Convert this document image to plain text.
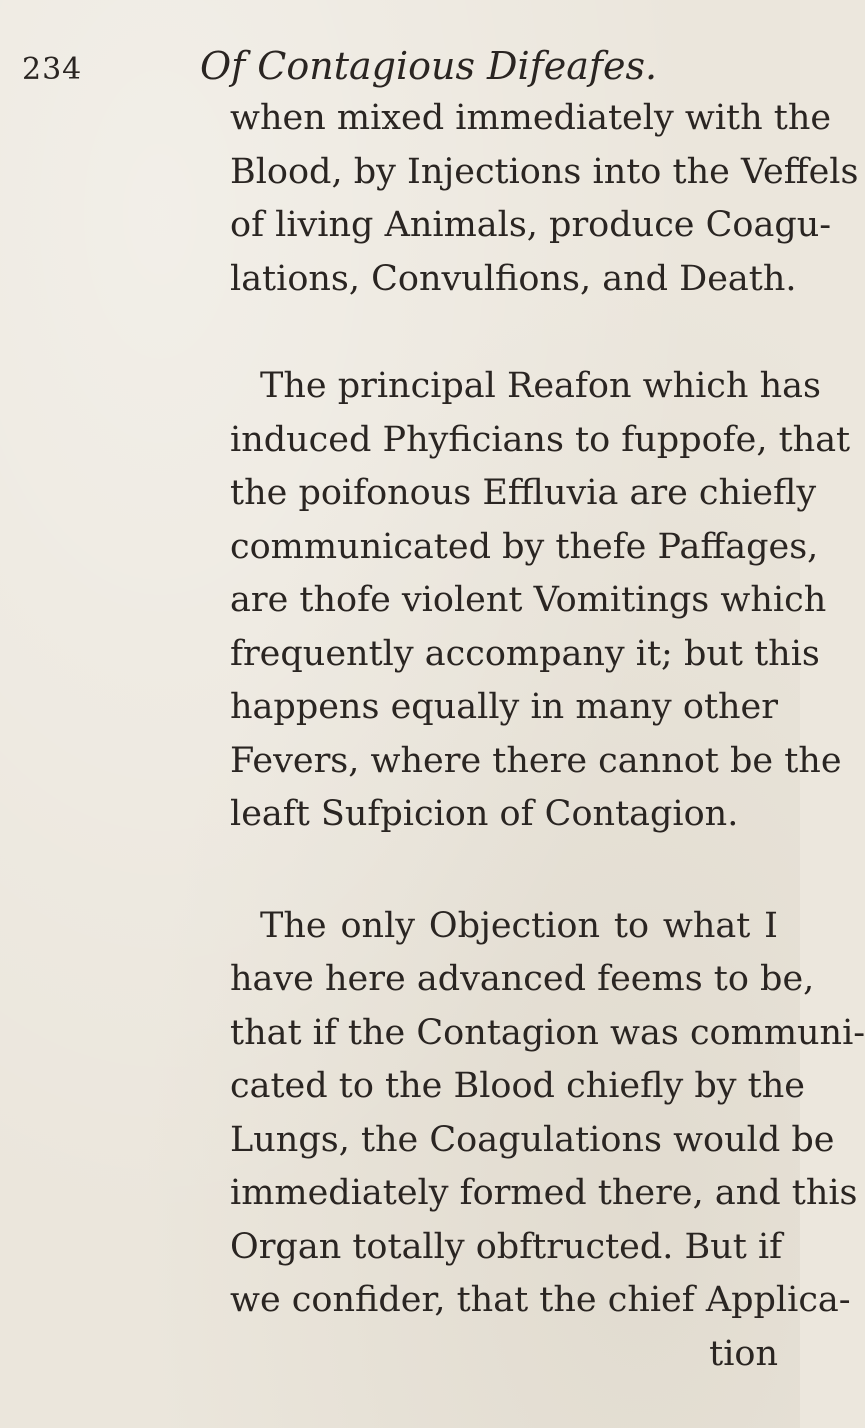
234	Of Contagious Difeafes.
when mixed immediately with the
Blood, by Injections into the Veffels
of living Animals, produce Coagu-
lations, Convulfions, and Death.
The principal Reafon which has
induced Phyficians to fuppofe, that
the poifonous Effluvia are chiefly
communicated by thefe Paffages,
are thofe violent Vomitings which
frequently accompany it; but this
happens equally in many other
Fevers, where there cannot be the
leaft Sufpicion of Contagion.
The only Objection to what I
have here advanced feems to be,
that if the Contagion was communi-
cated to the Blood chiefly by the
Lungs, the Coagulations would be
immediately formed there, and this
Organ totally obftructed. But if
we confider, that the chief Applica-
tion
